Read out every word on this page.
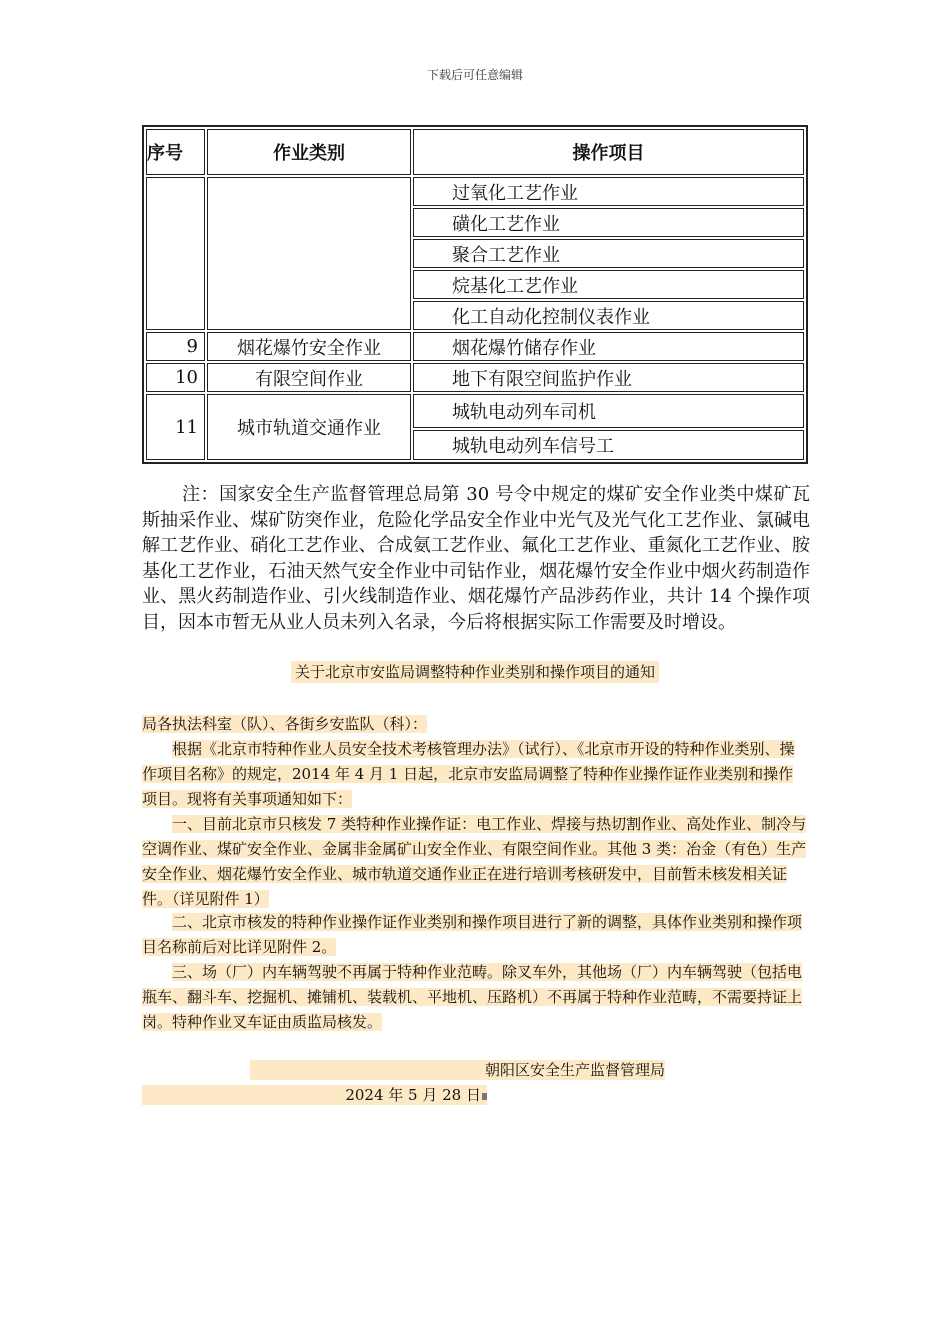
下载后可任意编辑
序号	作业类别	操作项目
		过氧化工艺作业
		磺化工艺作业
		聚合工艺作业
		烷基化工艺作业
		化工自动化控制仪表作业
9	烟花爆竹安全作业	烟花爆竹储存作业
10	有限空间作业	地下有限空间监护作业
11	城市轨道交通作业	城轨电动列车司机
		城轨电动列车信号工

注：国家安全生产监督管理总局第 30 号令中规定的煤矿安全作业类中煤矿瓦斯抽采作业、煤矿防突作业，危险化学品安全作业中光气及光气化工艺作业、氯碱电解工艺作业、硝化工艺作业、合成氨工艺作业、氟化工艺作业、重氮化工艺作业、胺基化工艺作业，石油天然气安全作业中司钻作业，烟花爆竹安全作业中烟火药制造作业、黑火药制造作业、引火线制造作业、烟花爆竹产品涉药作业，共计 14 个操作项目，因本市暂无从业人员未列入名录，今后将根据实际工作需要及时增设。

关于北京市安监局调整特种作业类别和操作项目的通知

局各执法科室（队）、各街乡安监队（科）：

根据《北京市特种作业人员安全技术考核管理办法》（试行）、《北京市开设的特种作业类别、操作项目名称》的规定，2014 年 4 月 1 日起，北京市安监局调整了特种作业操作证作业类别和操作项目。现将有关事项通知如下：

一、目前北京市只核发 7 类特种作业操作证：电工作业、焊接与热切割作业、高处作业、制冷与空调作业、煤矿安全作业、金属非金属矿山安全作业、有限空间作业。其他 3 类：冶金（有色）生产安全作业、烟花爆竹安全作业、城市轨道交通作业正在进行培训考核研发中，目前暂未核发相关证件。（详见附件 1）

二、北京市核发的特种作业操作证作业类别和操作项目进行了新的调整，具体作业类别和操作项目名称前后对比详见附件 2。

三、场（厂）内车辆驾驶不再属于特种作业范畴。除叉车外，其他场（厂）内车辆驾驶（包括电瓶车、翻斗车、挖掘机、摊铺机、装载机、平地机、压路机）不再属于特种作业范畴，不需要持证上岗。特种作业叉车证由质监局核发。

朝阳区安全生产监督管理局
2024 年 5 月 28 日
